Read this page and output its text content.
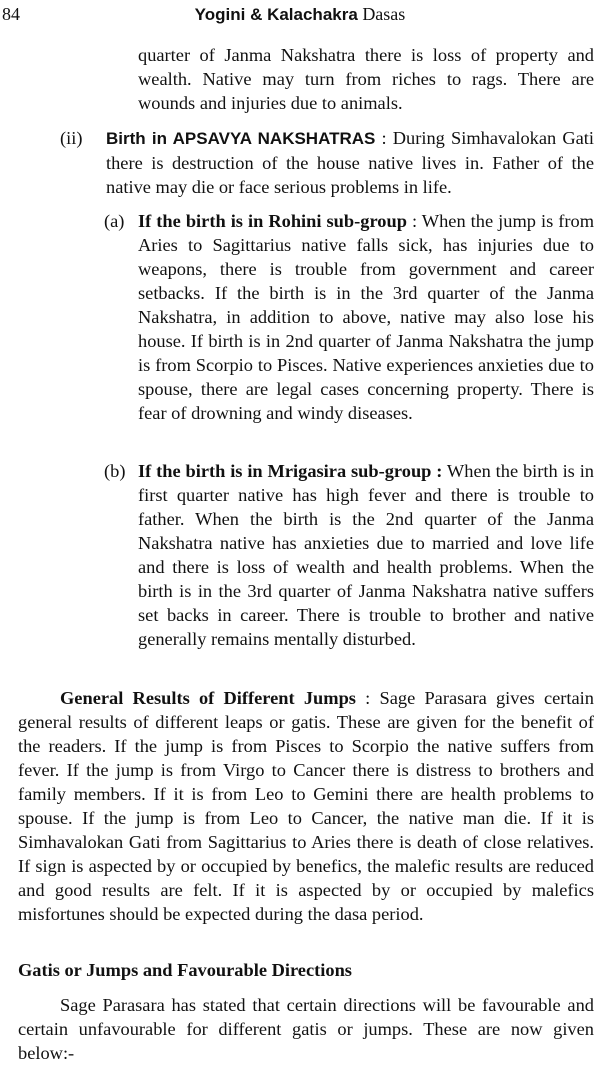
84	Yogini & Kalachakra Dasas

quarter of Janma Nakshatra there is loss of property and wealth. Native may turn from riches to rags. There are wounds and injuries due to animals.

(ii) Birth in APSAVYA NAKSHATRAS : During Simhavalokan Gati there is destruction of the house native lives in. Father of the native may die or face serious problems in life.

(a) If the birth is in Rohini sub-group : When the jump is from Aries to Sagittarius native falls sick, has injuries due to weapons, there is trouble from government and career setbacks. If the birth is in the 3rd quarter of the Janma Nakshatra, in addition to above, native may also lose his house. If birth is in 2nd quarter of Janma Nakshatra the jump is from Scorpio to Pisces. Native experiences anxieties due to spouse, there are legal cases concerning property. There is fear of drowning and windy diseases.

(b) If the birth is in Mrigasira sub-group : When the birth is in first quarter native has high fever and there is trouble to father. When the birth is the 2nd quarter of the Janma Nakshatra native has anxieties due to married and love life and there is loss of wealth and health problems. When the birth is in the 3rd quarter of Janma Nakshatra native suffers set backs in career. There is trouble to brother and native generally remains mentally disturbed.

General Results of Different Jumps : Sage Parasara gives certain general results of different leaps or gatis. These are given for the benefit of the readers. If the jump is from Pisces to Scorpio the native suffers from fever. If the jump is from Virgo to Cancer there is distress to brothers and family members. If it is from Leo to Gemini there are health problems to spouse. If the jump is from Leo to Cancer, the native man die. If it is Simhavalokan Gati from Sagittarius to Aries there is death of close relatives. If sign is aspected by or occupied by benefics, the malefic results are reduced and good results are felt. If it is aspected by or occupied by malefics misfortunes should be expected during the dasa period.

Gatis or Jumps and Favourable Directions

Sage Parasara has stated that certain directions will be favourable and certain unfavourable for different gatis or jumps. These are now given below:-
